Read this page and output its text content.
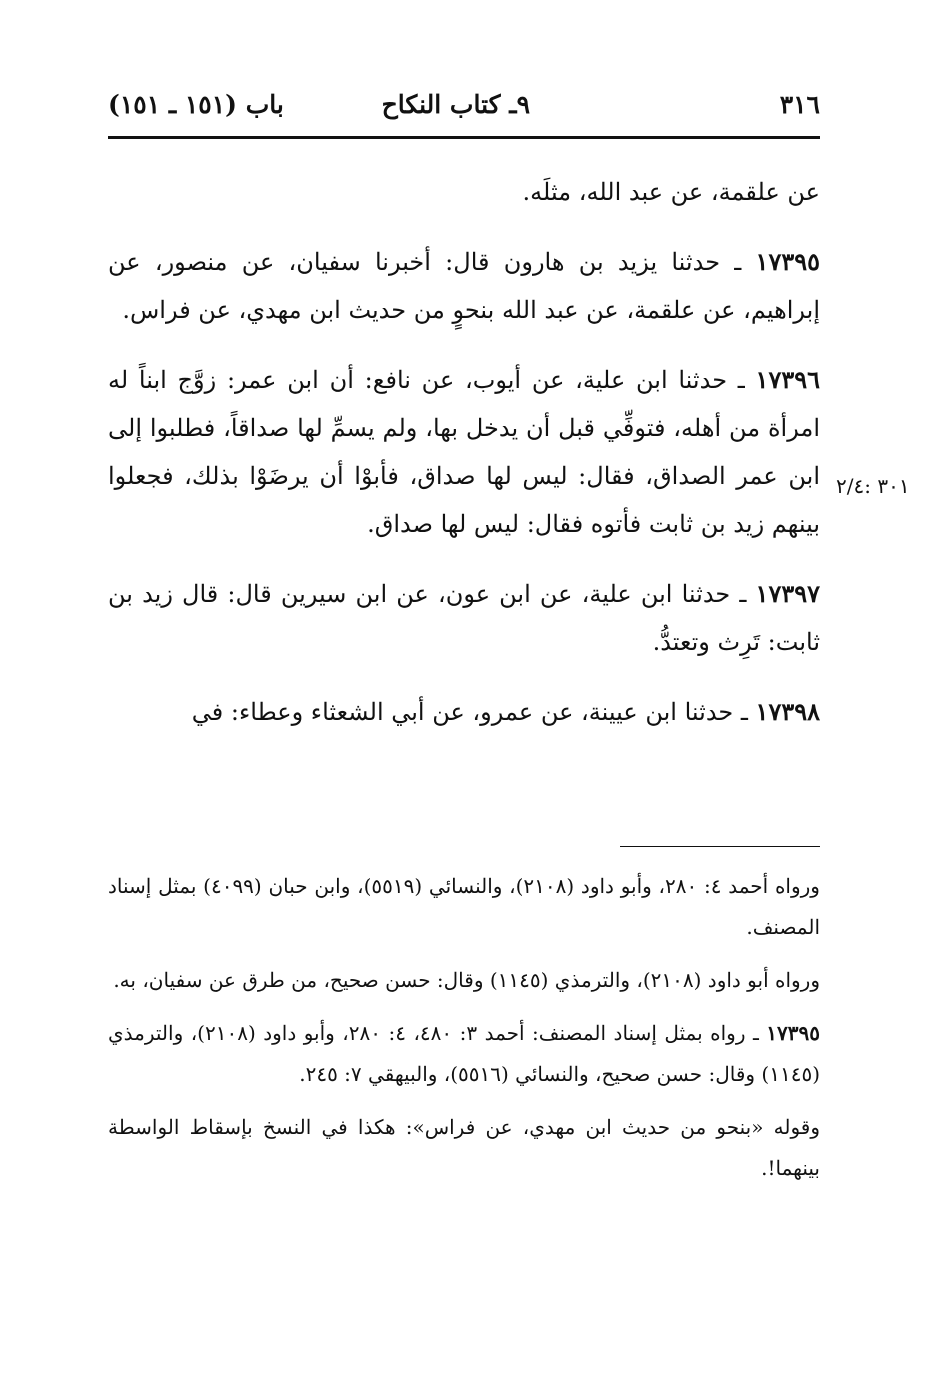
٣١٦
٩ـ كتاب النكاح
باب (١٥١ ـ ١٥١)

عن علقمة، عن عبد الله، مثلَه.

١٧٣٩٥ ـ حدثنا يزيد بن هارون قال: أخبرنا سفيان، عن منصور، عن إبراهيم، عن علقمة، عن عبد الله بنحوٍ من حديث ابن مهدي، عن فراس.

١٧٣٩٦ ـ حدثنا ابن علية، عن أيوب، عن نافع: أن ابن عمر: زوَّج ابناً له امرأة من أهله، فتوفِّي قبل أن يدخل بها، ولم يسمِّ لها صداقاً، فطلبوا إلى ابن عمر الصداق، فقال: ليس لها صداق، فأبوْا أن يرضَوْا بذلك، فجعلوا بينهم زيد بن ثابت فأتوه فقال: ليس لها صداق.

١٧٣٩٧ ـ حدثنا ابن علية، عن ابن عون، عن ابن سيرين قال: قال زيد بن ثابت: تَرِث وتعتدُّ.

١٧٣٩٨ ـ حدثنا ابن عيينة، عن عمرو، عن أبي الشعثاء وعطاء: في

٣٠١ :٢/٤

ورواه أحمد ٤: ٢٨٠، وأبو داود (٢١٠٨)، والنسائي (٥٥١٩)، وابن حبان (٤٠٩٩) بمثل إسناد المصنف.

ورواه أبو داود (٢١٠٨)، والترمذي (١١٤٥) وقال: حسن صحيح، من طرق عن سفيان، به.

١٧٣٩٥ ـ رواه بمثل إسناد المصنف: أحمد ٣: ٤٨٠، ٤: ٢٨٠، وأبو داود (٢١٠٨)، والترمذي (١١٤٥) وقال: حسن صحيح، والنسائي (٥٥١٦)، والبيهقي ٧: ٢٤٥.

وقوله «بنحو من حديث ابن مهدي، عن فراس»: هكذا في النسخ بإسقاط الواسطة بينهما!.
